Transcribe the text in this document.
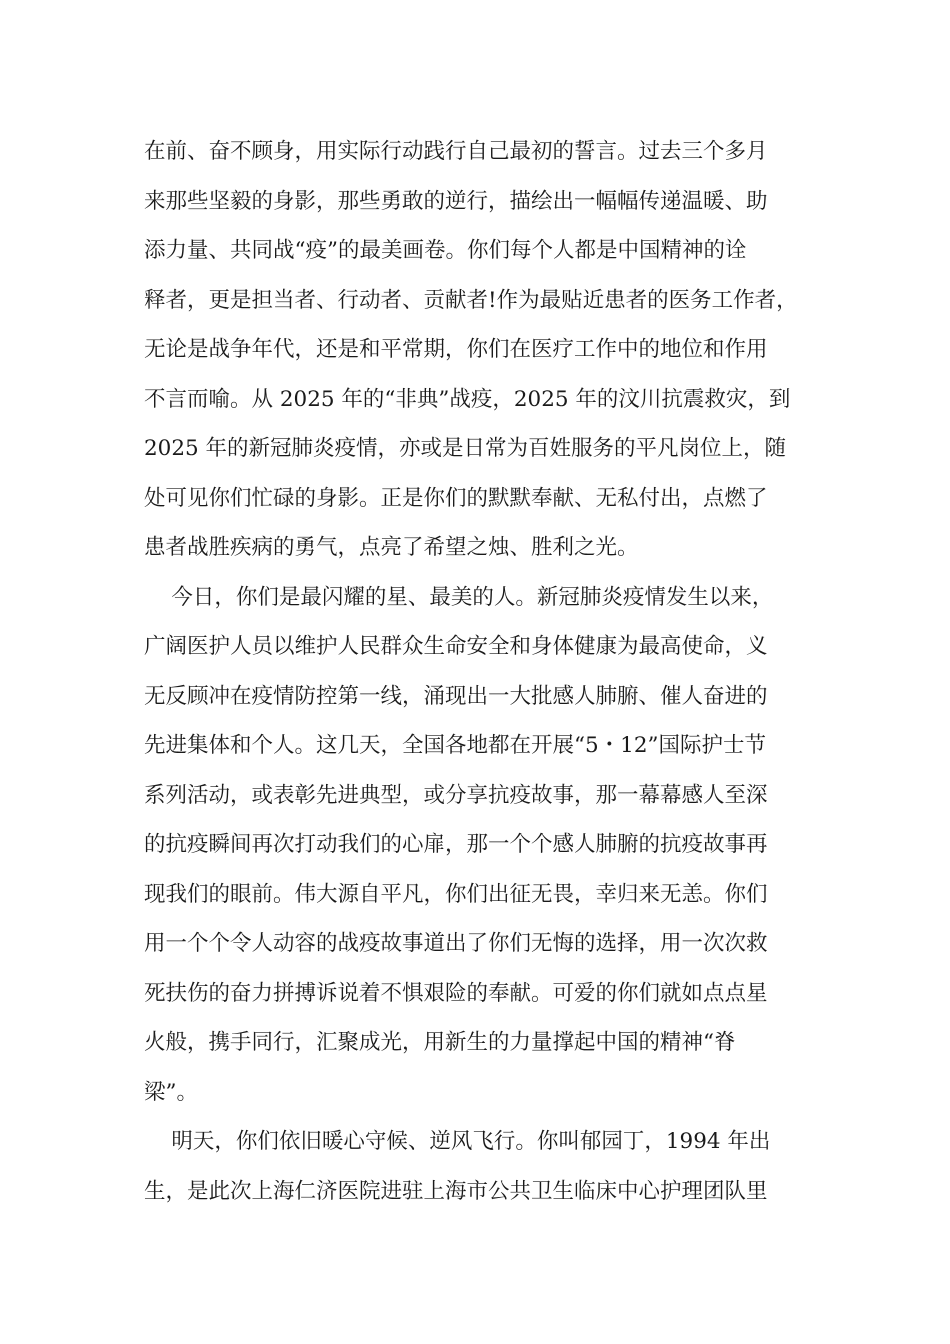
在前、奋不顾身，用实际行动践行自己最初的誓言。过去三个多月
来那些坚毅的身影，那些勇敢的逆行，描绘出一幅幅传递温暖、助
添力量、共同战“疫”的最美画卷。你们每个人都是中国精神的诠
释者，更是担当者、行动者、贡献者!作为最贴近患者的医务工作者，
无论是战争年代，还是和平常期，你们在医疗工作中的地位和作用
不言而喻。从 2025 年的“非典”战疫，2025 年的汶川抗震救灾，到
2025 年的新冠肺炎疫情，亦或是日常为百姓服务的平凡岗位上，随
处可见你们忙碌的身影。正是你们的默默奉献、无私付出，点燃了
患者战胜疾病的勇气，点亮了希望之烛、胜利之光。
今日，你们是最闪耀的星、最美的人。新冠肺炎疫情发生以来，
广阔医护人员以维护人民群众生命安全和身体健康为最高使命，义
无反顾冲在疫情防控第一线，涌现出一大批感人肺腑、催人奋进的
先进集体和个人。这几天，全国各地都在开展“5・12”国际护士节
系列活动，或表彰先进典型，或分享抗疫故事，那一幕幕感人至深
的抗疫瞬间再次打动我们的心扉，那一个个感人肺腑的抗疫故事再
现我们的眼前。伟大源自平凡，你们出征无畏，幸归来无恙。你们
用一个个令人动容的战疫故事道出了你们无悔的选择，用一次次救
死扶伤的奋力拼搏诉说着不惧艰险的奉献。可爱的你们就如点点星
火般，携手同行，汇聚成光，用新生的力量撑起中国的精神“脊
梁”。
明天，你们依旧暖心守候、逆风飞行。你叫郁园丁，1994 年出
生，是此次上海仁济医院进驻上海市公共卫生临床中心护理团队里
